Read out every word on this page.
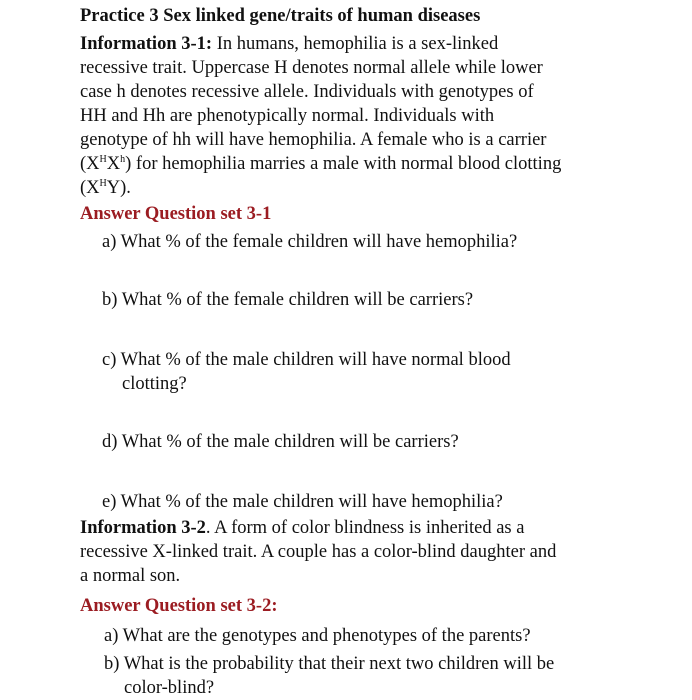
Practice 3 Sex linked gene/traits of human diseases
Information 3-1: In humans, hemophilia is a sex-linked
recessive trait. Uppercase H denotes normal allele while lower
case h denotes recessive allele. Individuals with genotypes of
HH and Hh are phenotypically normal. Individuals with
genotype of hh will have hemophilia. A female who is a carrier
$(X^HX^h)$ for hemophilia marries a male with normal blood clotting
$(X^HY)$.
Answer Question set 3-1
a) What % of the female children will have hemophilia?
b) What % of the female children will be carriers?
c) What % of the male children will have normal blood
clotting?
d) What % of the male children will be carriers?
e) What % of the male children will have hemophilia?
Information 3-2. A form of color blindness is inherited as a
recessive X-linked trait. A couple has a color-blind daughter and
a normal son.
Answer Question set 3-2:
a) What are the genotypes and phenotypes of the parents?
b) What is the probability that their next two children will be
color-blind?
